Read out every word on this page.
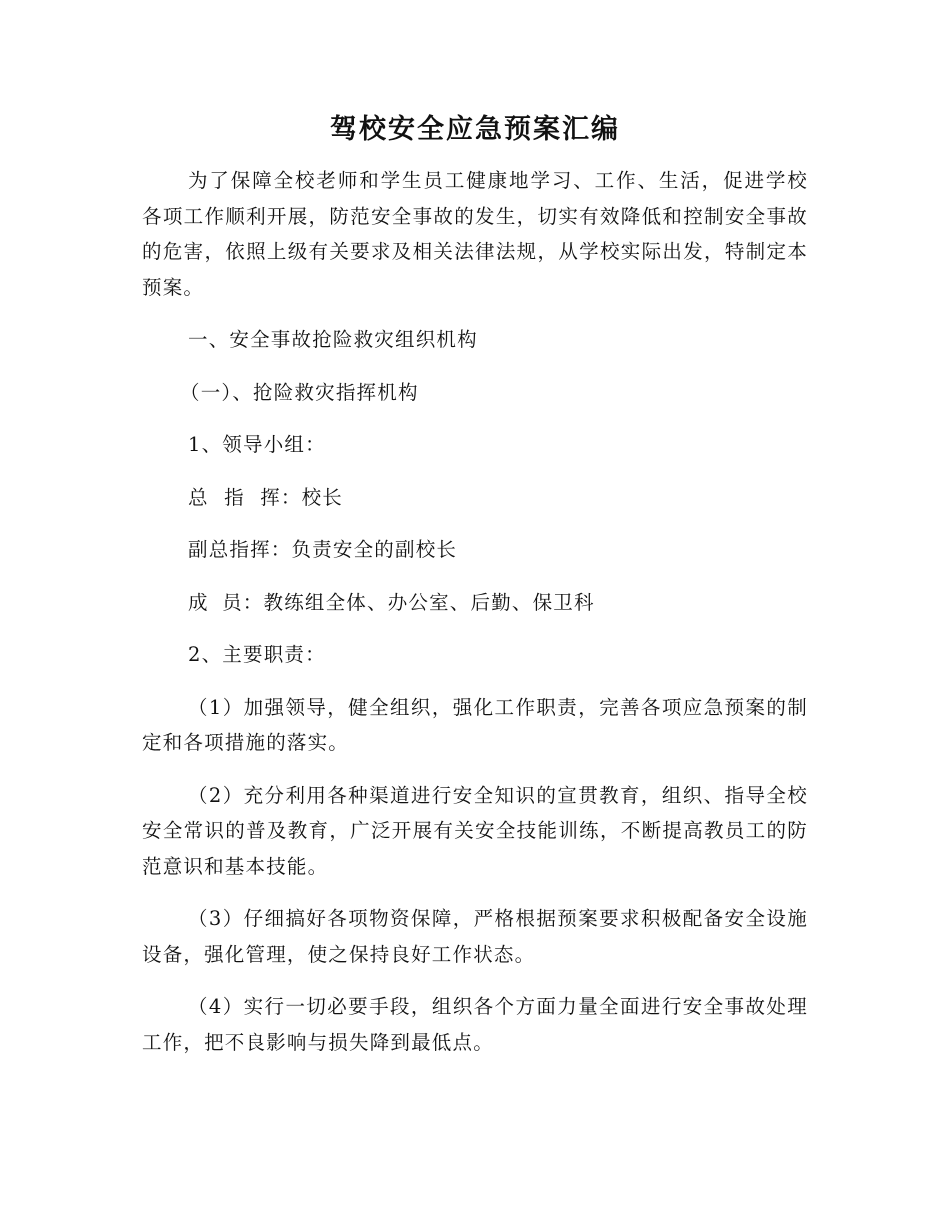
驾校安全应急预案汇编

为了保障全校老师和学生员工健康地学习、工作、生活，促进学校各项工作顺利开展，防范安全事故的发生，切实有效降低和控制安全事故的危害，依照上级有关要求及相关法律法规，从学校实际出发，特制定本预案。

一、安全事故抢险救灾组织机构

（一）、抢险救灾指挥机构

1、领导小组：

总 指 挥：校长

副总指挥：负责安全的副校长

成 员：教练组全体、办公室、后勤、保卫科

2、主要职责：

（1）加强领导，健全组织，强化工作职责，完善各项应急预案的制定和各项措施的落实。

（2）充分利用各种渠道进行安全知识的宣贯教育，组织、指导全校安全常识的普及教育，广泛开展有关安全技能训练，不断提高教员工的防范意识和基本技能。

（3）仔细搞好各项物资保障，严格根据预案要求积极配备安全设施设备，强化管理，使之保持良好工作状态。

（4）实行一切必要手段，组织各个方面力量全面进行安全事故处理工作，把不良影响与损失降到最低点。
